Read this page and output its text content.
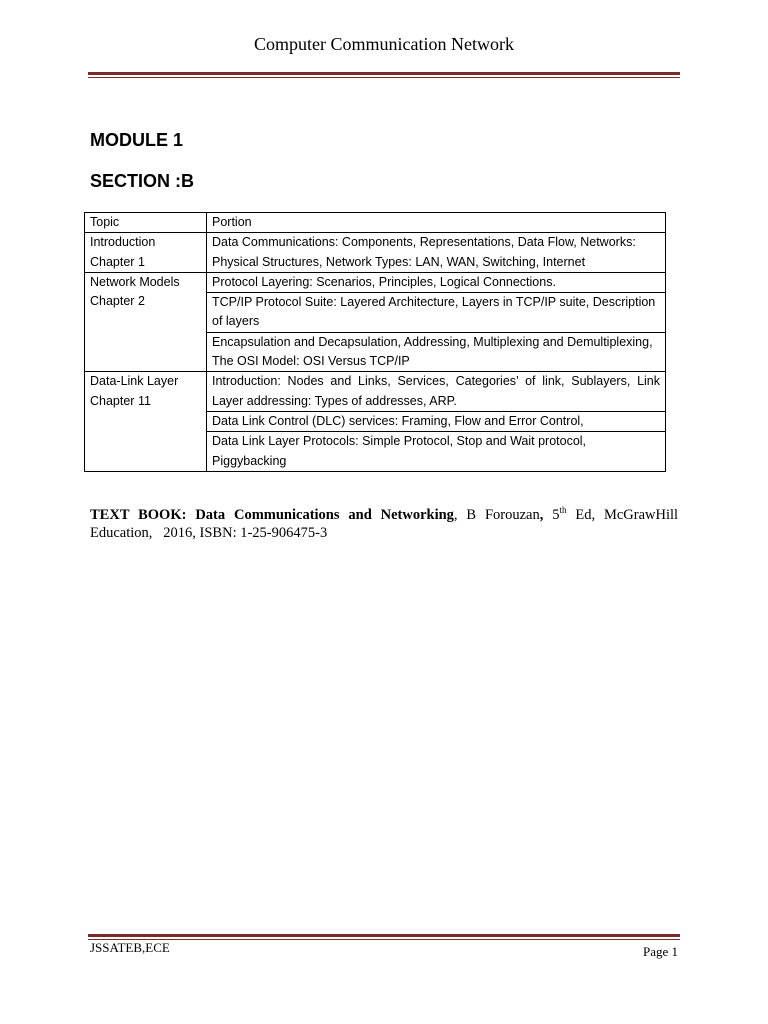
Computer Communication Network
MODULE 1
SECTION :B
Topic	Portion

Introduction
Chapter 1	Data Communications: Components, Representations, Data Flow, Networks: Physical Structures, Network Types: LAN, WAN, Switching, Internet

Network Models
Chapter 2	Protocol Layering: Scenarios, Principles, Logical Connections.
	TCP/IP Protocol Suite: Layered Architecture, Layers in TCP/IP suite, Description of layers
	Encapsulation and Decapsulation, Addressing, Multiplexing and Demultiplexing, The OSI Model: OSI Versus TCP/IP

Data-Link Layer
Chapter 11	Introduction: Nodes and Links, Services, Categories’ of link, Sublayers, Link Layer addressing: Types of addresses, ARP.
	Data Link Control (DLC) services: Framing, Flow and Error Control,
	Data Link Layer Protocols: Simple Protocol, Stop and Wait protocol, Piggybacking
TEXT BOOK: Data Communications and Networking, B Forouzan, 5th Ed, McGrawHill Education,   2016, ISBN: 1-25-906475-3
JSSATEB,ECE	Page 1
